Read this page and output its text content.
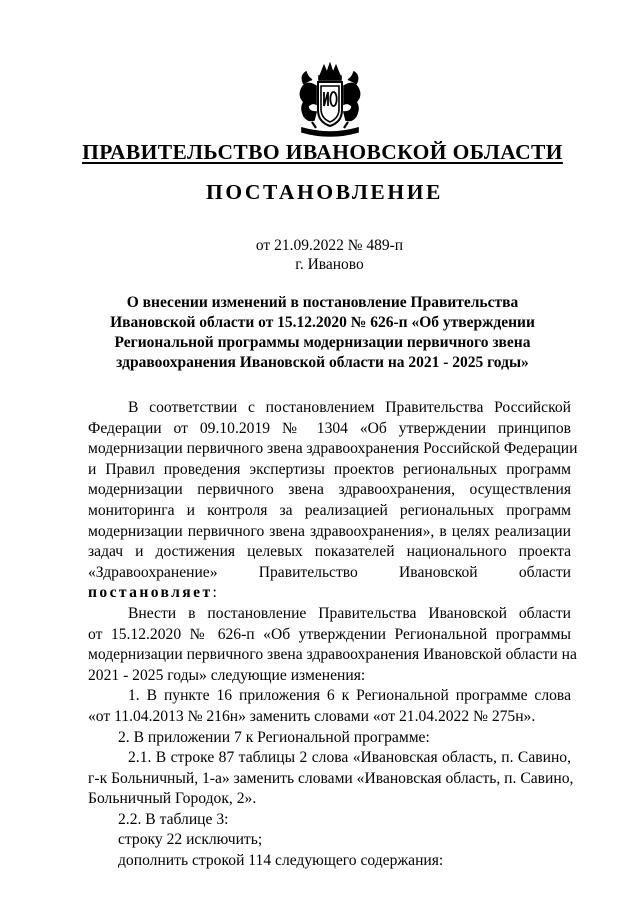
ПРАВИТЕЛЬСТВО ИВАНОВСКОЙ ОБЛАСТИ
ПОСТАНОВЛЕНИЕ
от 21.09.2022 № 489-п
г. Иваново
О внесении изменений в постановление Правительства
Ивановской области от 15.12.2020 № 626-п «Об утверждении
Региональной программы модернизации первичного звена
здравоохранения Ивановской области на 2021 - 2025 годы»
В соответствии с постановлением Правительства Российской
Федерации от 09.10.2019 № 1304 «Об утверждении принципов
модернизации первичного звена здравоохранения Российской Федерации
и Правил проведения экспертизы проектов региональных программ
модернизации первичного звена здравоохранения, осуществления
мониторинга и контроля за реализацией региональных программ
модернизации первичного звена здравоохранения», в целях реализации
задач и достижения целевых показателей национального проекта
«Здравоохранение» Правительство Ивановской области
постановляет:
Внести в постановление Правительства Ивановской области
от 15.12.2020 № 626-п «Об утверждении Региональной программы
модернизации первичного звена здравоохранения Ивановской области на
2021 - 2025 годы» следующие изменения:
1. В пункте 16 приложения 6 к Региональной программе слова
«от 11.04.2013 № 216н» заменить словами «от 21.04.2022 № 275н».
2. В приложении 7 к Региональной программе:
2.1. В строке 87 таблицы 2 слова «Ивановская область, п. Савино,
г-к Больничный, 1-а» заменить словами «Ивановская область, п. Савино,
Больничный Городок, 2».
2.2. В таблице 3:
строку 22 исключить;
дополнить строкой 114 следующего содержания:
